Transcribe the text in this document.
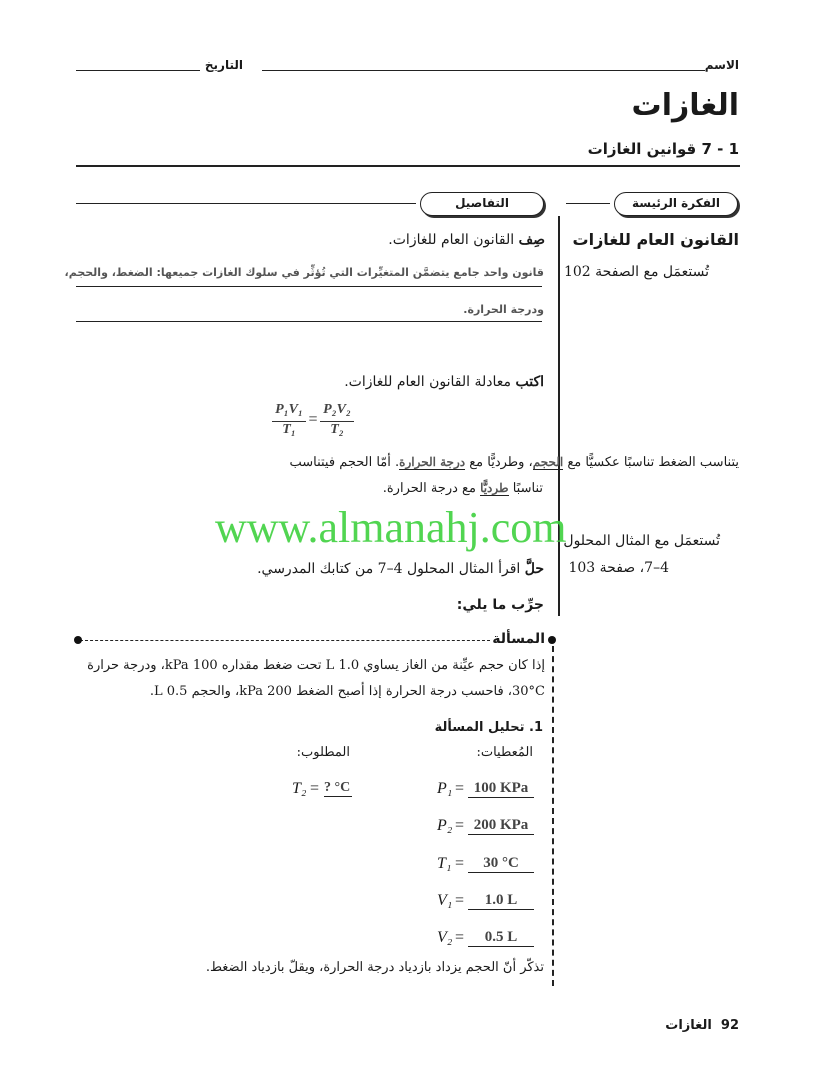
الاسم
التاريخ
الغازات
1 - 7 قوانين الغازات
الفكرة الرئيسة
التفاصيل
القانون العام للغازات
تُستعمَل مع الصفحة 102
تُستعمَل مع المثال المحلول
4–7، صفحة 103
صِف القانون العام للغازات.
قانون واحد جامع يتضمَّن المتغيِّرات التي تُؤثِّر في سلوك الغازات جميعها: الضغط، والحجم،
ودرجة الحرارة.
اكتب معادلة القانون العام للغازات.
P₁V₁
T₁
=
P₂V₂
T₂
يتناسب الضغط تناسبًا عكسيًّا مع الحجم، وطرديًّا مع درجة الحرارة. أمّا الحجم فيتناسب
تناسبًا طرديًّا مع درجة الحرارة.
www.almanahj.com
حلَّ اقرأ المثال المحلول 4–7 من كتابك المدرسي.
جرِّب ما يلي:
المسألة
إذا كان حجم عيِّنة من الغاز يساوي 1.0 L تحت ضغط مقداره 100 kPa، ودرجة حرارة
30°C، فاحسب درجة الحرارة إذا أصبح الضغط 200 kPa، والحجم 0.5 L.
1. تحليل المسألة
المُعطيات:
المطلوب:
T₂ = ? °C	P₁ = 100 KPa
P₂ = 200 KPa
T₁ =	30 °C
V₁ =	1.0 L
V₂ =	0.5 L
تذكّر أنّ الحجم يزداد بازدياد درجة الحرارة، ويقلّ بازدياد الضغط.
92  الغازات
